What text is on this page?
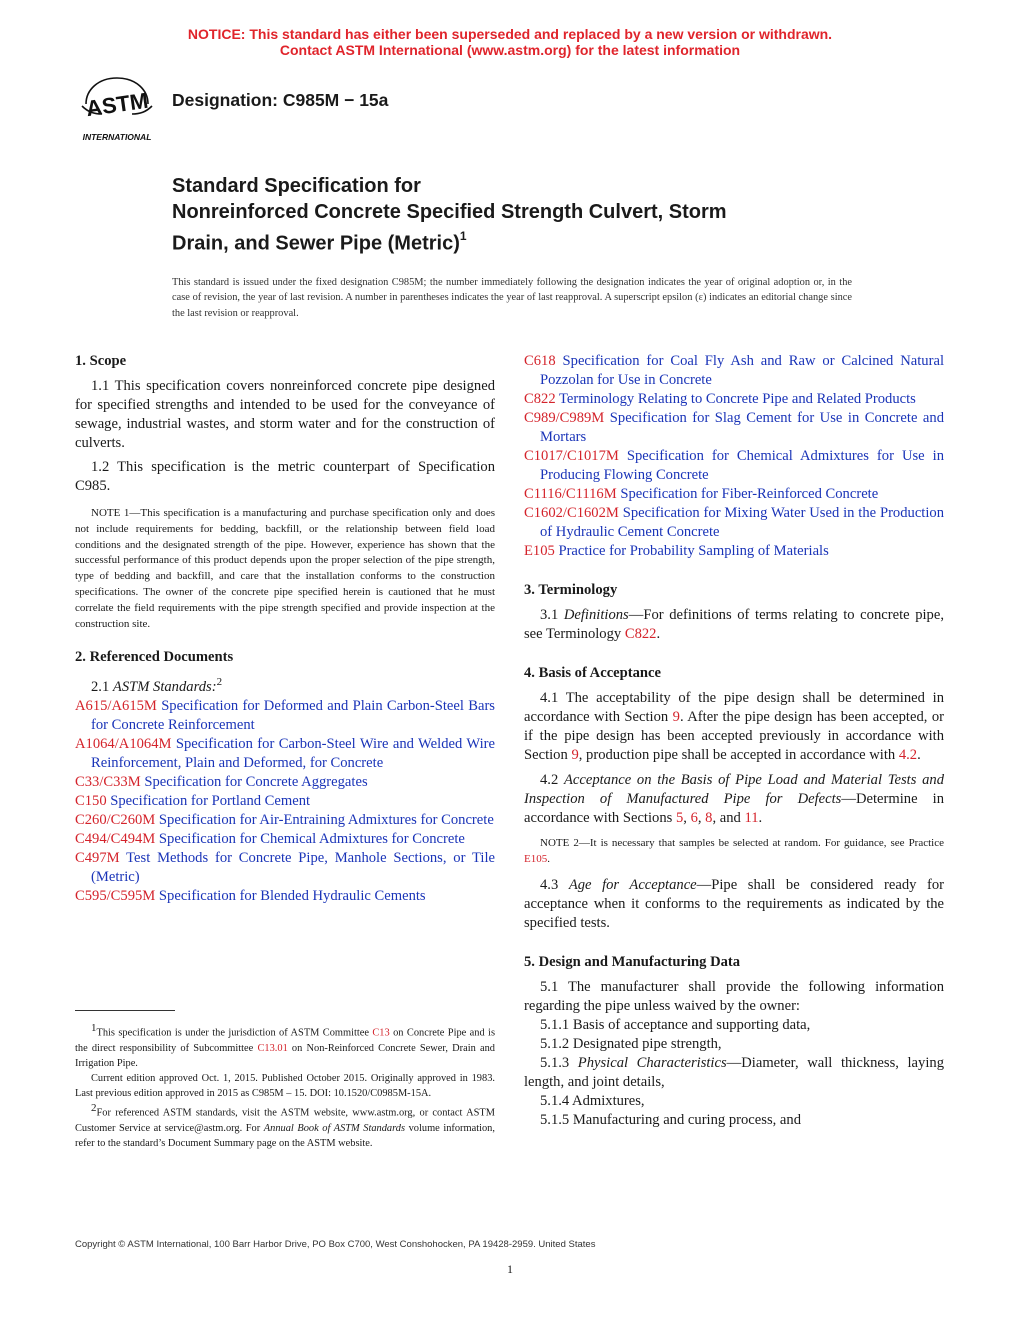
NOTICE: This standard has either been superseded and replaced by a new version or withdrawn.
Contact ASTM International (www.astm.org) for the latest information
ASTM
INTERNATIONAL
Designation: C985M − 15a
Standard Specification for
Nonreinforced Concrete Specified Strength Culvert, Storm
Drain, and Sewer Pipe (Metric)$^1$
This standard is issued under the fixed designation C985M; the number immediately following the designation indicates the year of original adoption or, in the case of revision, the year of last revision. A number in parentheses indicates the year of last reapproval. A superscript epsilon (ε) indicates an editorial change since the last revision or reapproval.

1. Scope

1.1 This specification covers nonreinforced concrete pipe designed for specified strengths and intended to be used for the conveyance of sewage, industrial wastes, and storm water and for the construction of culverts.

1.2 This specification is the metric counterpart of Specification C985.

NOTE 1—This specification is a manufacturing and purchase specification only and does not include requirements for bedding, backfill, or the relationship between field load conditions and the designated strength of the pipe. However, experience has shown that the successful performance of this product depends upon the proper selection of the pipe strength, type of bedding and backfill, and care that the installation conforms to the construction specifications. The owner of the concrete pipe specified herein is cautioned that he must correlate the field requirements with the pipe strength specified and provide inspection at the construction site.

2. Referenced Documents

2.1 ASTM Standards:$^2$

A615/A615M Specification for Deformed and Plain Carbon-Steel Bars for Concrete Reinforcement

A1064/A1064M Specification for Carbon-Steel Wire and Welded Wire Reinforcement, Plain and Deformed, for Concrete

C33/C33M Specification for Concrete Aggregates

C150 Specification for Portland Cement

C260/C260M Specification for Air-Entraining Admixtures for Concrete

C494/C494M Specification for Chemical Admixtures for Concrete

C497M Test Methods for Concrete Pipe, Manhole Sections, or Tile (Metric)

C595/C595M Specification for Blended Hydraulic Cements

$^1$This specification is under the jurisdiction of ASTM Committee C13 on Concrete Pipe and is the direct responsibility of Subcommittee C13.01 on Non-Reinforced Concrete Sewer, Drain and Irrigation Pipe.

Current edition approved Oct. 1, 2015. Published October 2015. Originally approved in 1983. Last previous edition approved in 2015 as C985M – 15. DOI: 10.1520/C0985M-15A.

$^2$For referenced ASTM standards, visit the ASTM website, www.astm.org, or contact ASTM Customer Service at service@astm.org. For Annual Book of ASTM Standards volume information, refer to the standard’s Document Summary page on the ASTM website.

C618 Specification for Coal Fly Ash and Raw or Calcined Natural Pozzolan for Use in Concrete

C822 Terminology Relating to Concrete Pipe and Related Products

C989/C989M Specification for Slag Cement for Use in Concrete and Mortars

C1017/C1017M Specification for Chemical Admixtures for Use in Producing Flowing Concrete

C1116/C1116M Specification for Fiber-Reinforced Concrete

C1602/C1602M Specification for Mixing Water Used in the Production of Hydraulic Cement Concrete

E105 Practice for Probability Sampling of Materials

3. Terminology

3.1 Definitions—For definitions of terms relating to concrete pipe, see Terminology C822.

4. Basis of Acceptance

4.1 The acceptability of the pipe design shall be determined in accordance with Section 9. After the pipe design has been accepted, or if the pipe design has been accepted previously in accordance with Section 9, production pipe shall be accepted in accordance with 4.2.

4.2 Acceptance on the Basis of Pipe Load and Material Tests and Inspection of Manufactured Pipe for Defects—Determine in accordance with Sections 5, 6, 8, and 11.

NOTE 2—It is necessary that samples be selected at random. For guidance, see Practice E105.

4.3 Age for Acceptance—Pipe shall be considered ready for acceptance when it conforms to the requirements as indicated by the specified tests.

5. Design and Manufacturing Data

5.1 The manufacturer shall provide the following information regarding the pipe unless waived by the owner:

5.1.1 Basis of acceptance and supporting data,

5.1.2 Designated pipe strength,

5.1.3 Physical Characteristics—Diameter, wall thickness, laying length, and joint details,

5.1.4 Admixtures,

5.1.5 Manufacturing and curing process, and

Copyright © ASTM International, 100 Barr Harbor Drive, PO Box C700, West Conshohocken, PA 19428-2959. United States
1
